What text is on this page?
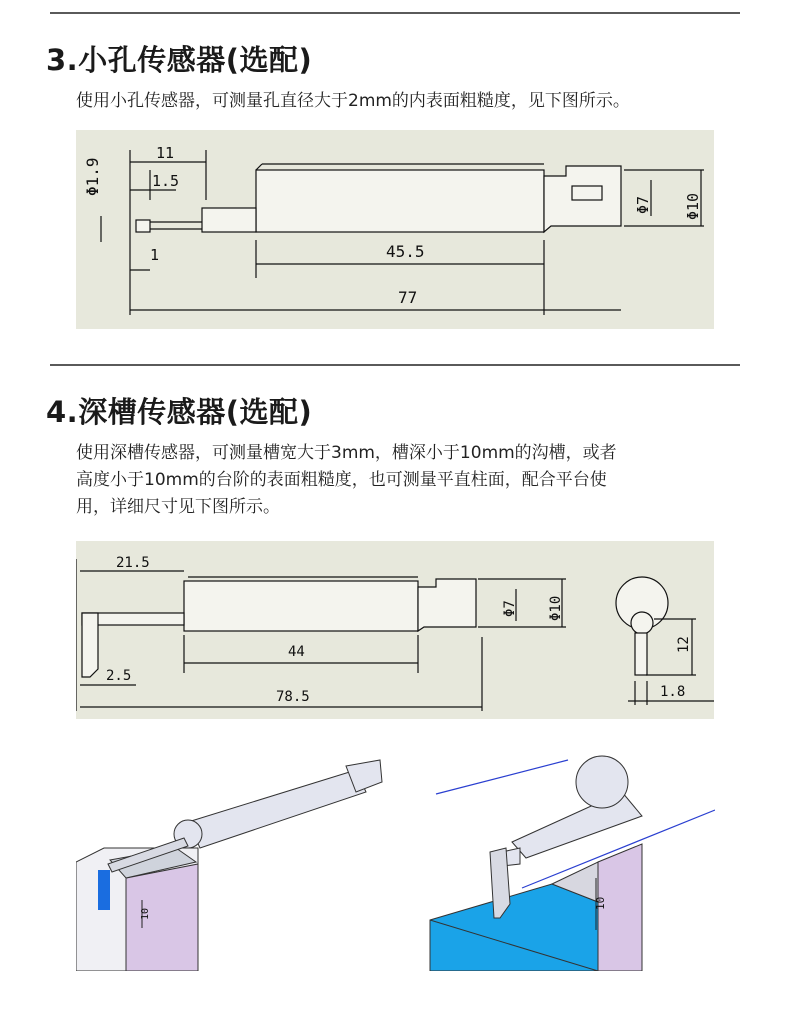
3.小孔传感器(选配)
使用小孔传感器，可测量孔直径大于2mm的内表面粗糙度，见下图所示。
Φ1.9
11
1.5
1
Φ7 Φ10
45.5
77
4.深槽传感器(选配)
使用深槽传感器，可测量槽宽大于3mm，槽深小于10mm的沟槽，或者
高度小于10mm的台阶的表面粗糙度，也可测量平直柱面，配合平台使
用，详细尺寸见下图所示。
21.5
Φ7 Φ10
44
2.5
78.5
12
1.8
10
10
